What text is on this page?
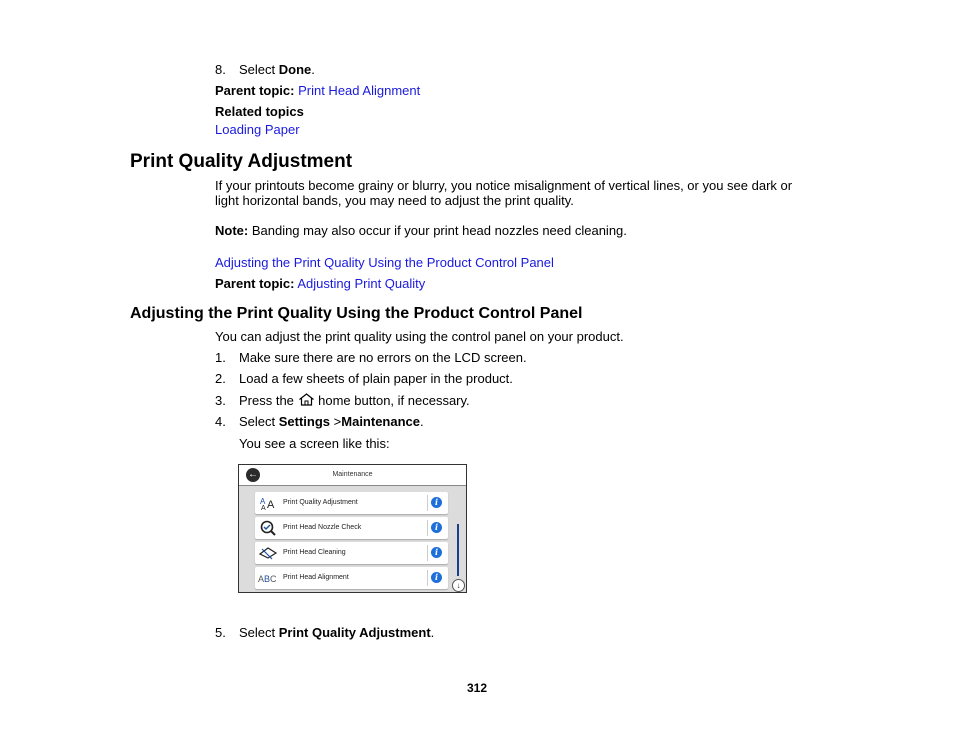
8. Select Done.
Parent topic: Print Head Alignment
Related topics
Loading Paper
Print Quality Adjustment
If your printouts become grainy or blurry, you notice misalignment of vertical lines, or you see dark or
light horizontal bands, you may need to adjust the print quality.
Note: Banding may also occur if your print head nozzles need cleaning.
Adjusting the Print Quality Using the Product Control Panel
Parent topic: Adjusting Print Quality
Adjusting the Print Quality Using the Product Control Panel
You can adjust the print quality using the control panel on your product.
1. Make sure there are no errors on the LCD screen.
2. Load a few sheets of plain paper in the product.
3. Press the  home button, if necessary.
4. Select Settings >Maintenance.
You see a screen like this:
Maintenance
←
A A
A
Print Quality Adjustment	i
Print Head Nozzle Check	i
Print Head Cleaning	i
A B C Print Head Alignment	i
↓
5. Select Print Quality Adjustment.
312
